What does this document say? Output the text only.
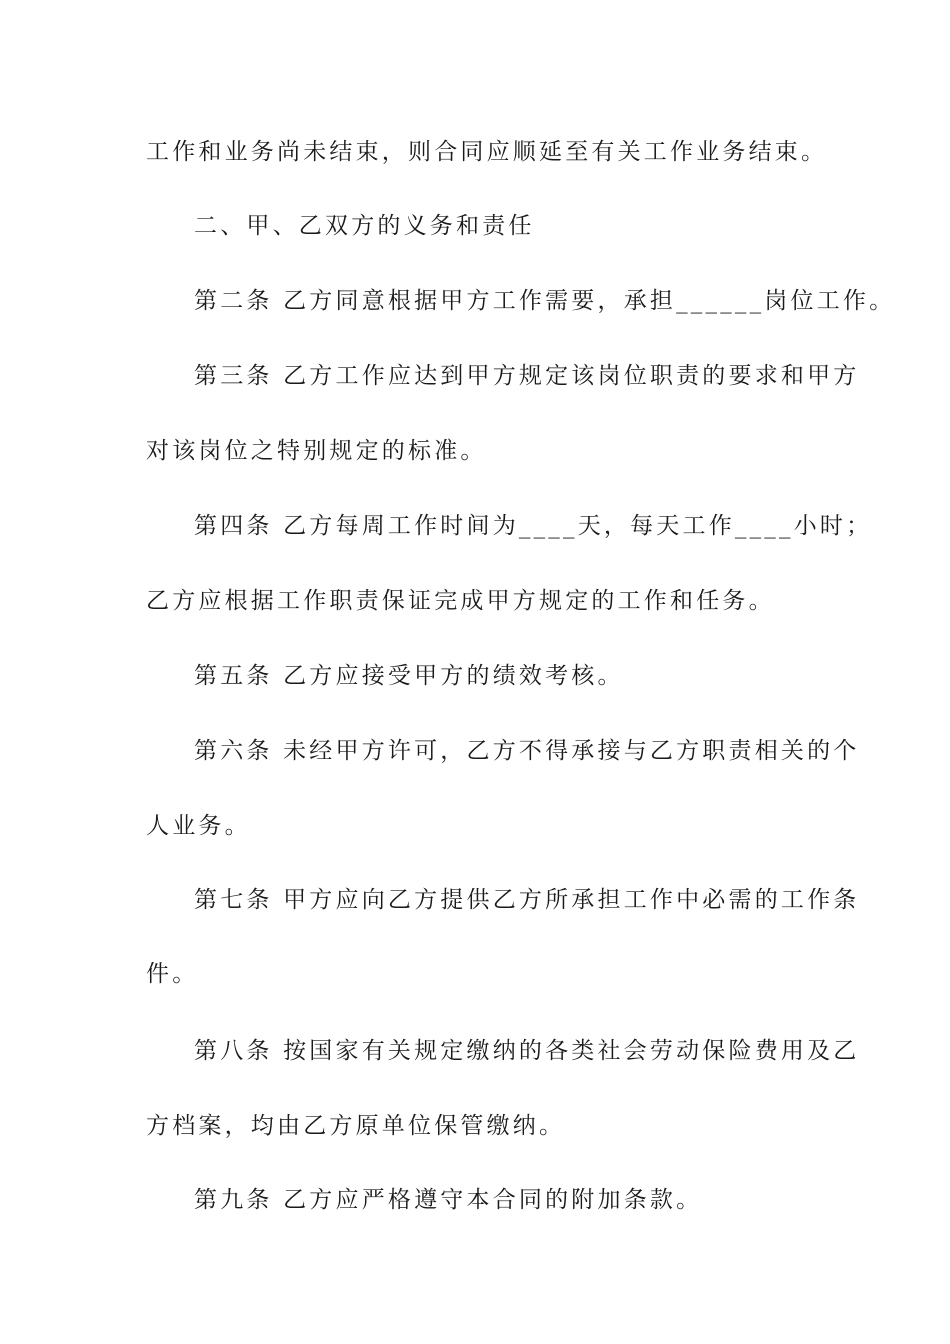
工作和业务尚未结束，则合同应顺延至有关工作业务结束。
二、甲、乙双方的义务和责任
第二条 乙方同意根据甲方工作需要，承担______岗位工作。
第三条 乙方工作应达到甲方规定该岗位职责的要求和甲方
对该岗位之特别规定的标准。
第四条 乙方每周工作时间为____天，每天工作____小时；
乙方应根据工作职责保证完成甲方规定的工作和任务。
第五条 乙方应接受甲方的绩效考核。
第六条 未经甲方许可，乙方不得承接与乙方职责相关的个
人业务。
第七条 甲方应向乙方提供乙方所承担工作中必需的工作条
件。
第八条 按国家有关规定缴纳的各类社会劳动保险费用及乙
方档案，均由乙方原单位保管缴纳。
第九条 乙方应严格遵守本合同的附加条款。
